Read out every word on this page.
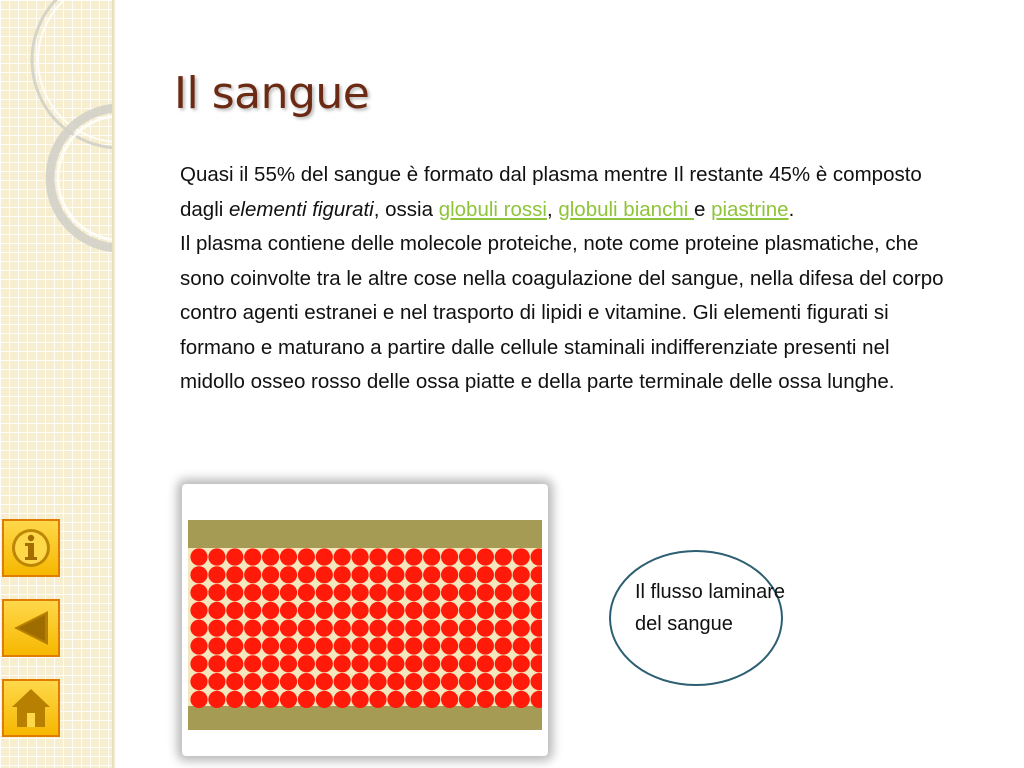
Il sangue

Quasi il 55% del sangue è formato dal plasma mentre Il restante 45% è composto dagli elementi figurati, ossia globuli rossi, globuli bianchi e piastrine.

Il plasma contiene delle molecole proteiche, note come proteine plasmatiche, che sono coinvolte tra le altre cose nella coagulazione del sangue, nella difesa del corpo contro agenti estranei e nel trasporto di lipidi e vitamine. Gli elementi figurati si formano e maturano a partire dalle cellule staminali indifferenziate presenti nel midollo osseo rosso delle ossa piatte e della parte terminale delle ossa lunghe.

Il flusso laminare
del sangue
